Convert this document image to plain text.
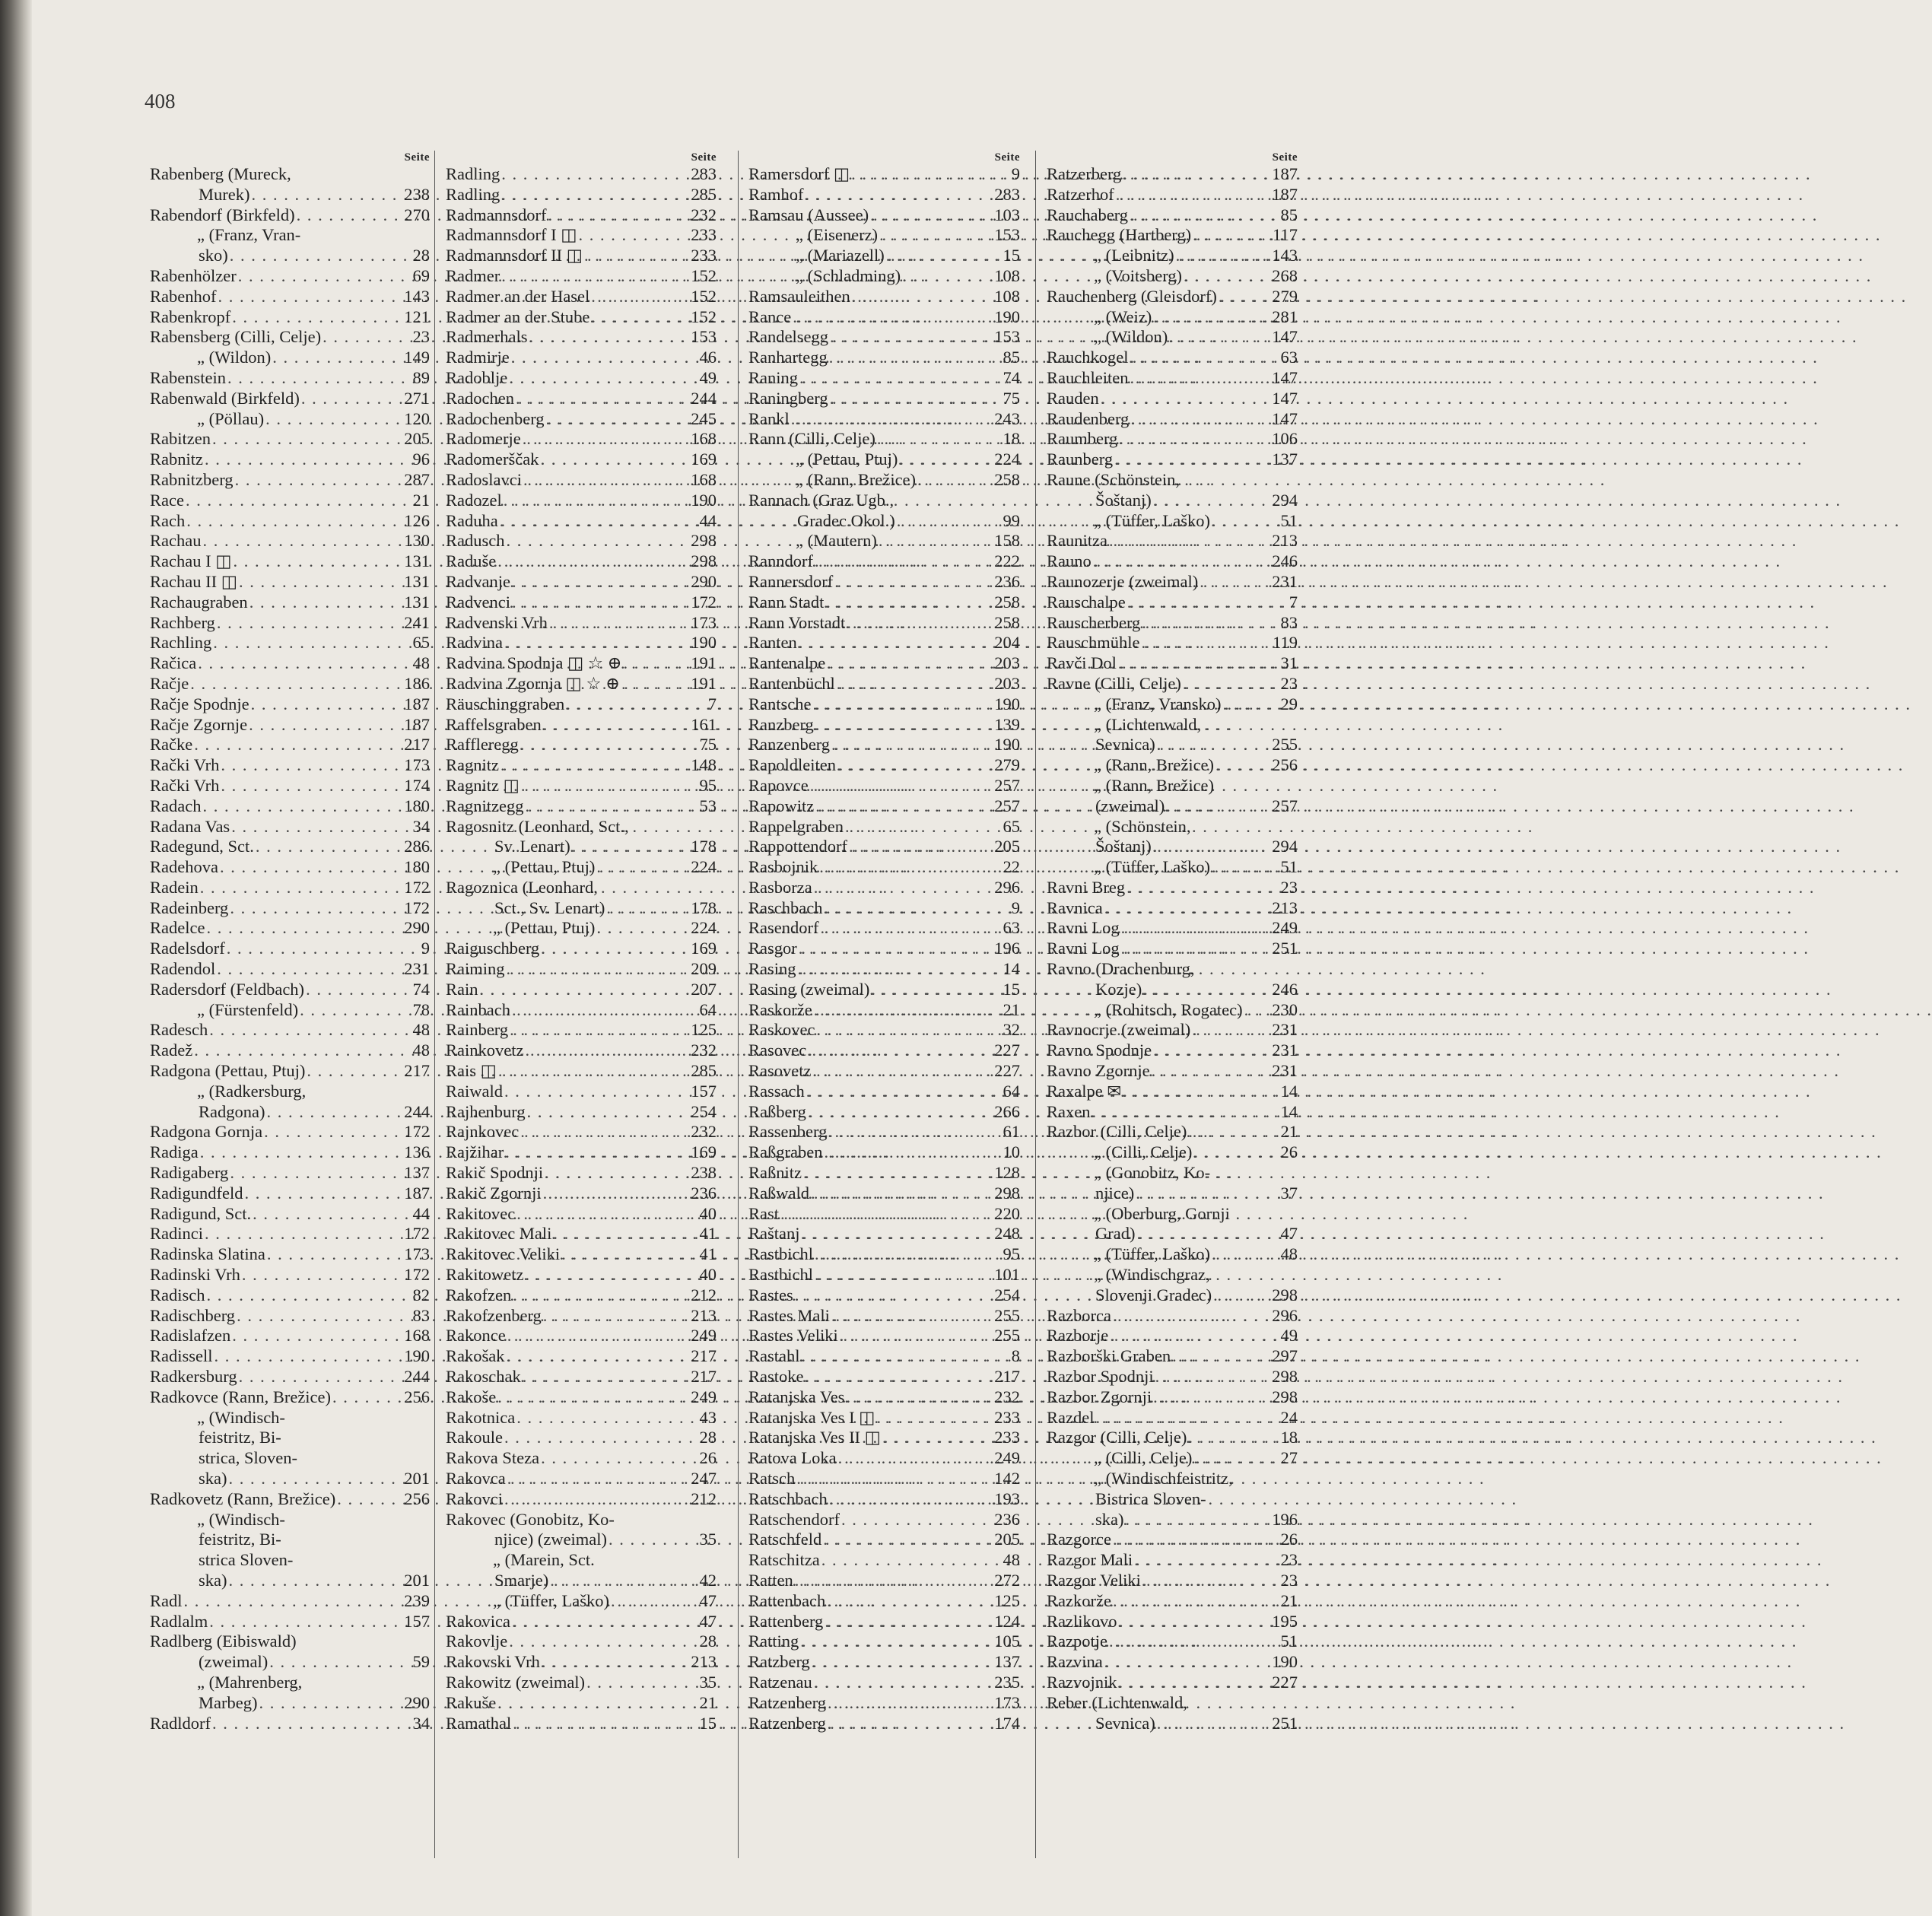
408
Seite
Rabenberg (Mureck,
Murek) . . .	238
Rabendorf (Birkfeld) . . .	270
„ (Franz, Vran-
sko) . . .	28
Rabenhölzer . . .	69
Rabenhof . . .	143
Rabenkropf . . .	121
Rabensberg (Cilli, Celje) . . .	23
„ (Wildon) . . .	149
Rabenstein . . .	89
Rabenwald (Birkfeld) . . .	271
„ (Pöllau) . . .	120
Rabitzen . . .	205
Rabnitz . . .	96
Rabnitzberg . . .	287
Race . . .	21
Rach . . .	126
Rachau . . .	130
Rachau I ◫ . . .	131
Rachau II ◫ . . .	131
Rachaugraben . . .	131
Rachberg . . .	241
Rachling . . .	65
Račica . . .	48
Račje . . .	186
Račje Spodnje . . .	187
Račje Zgornje . . .	187
Račke . . .	217
Rački Vrh . . .	173
Rački Vrh . . .	174
Radach . . .	180
Radana Vas . . .	34
Radegund, Sct. . . .	286
Radehova . . .	180
Radein . . .	172
Radeinberg . . .	172
Radelce . . .	290
Radelsdorf . . .	9
Radendol . . .	231
Radersdorf (Feldbach) . . .	74
„ (Fürstenfeld) . . .	78
Radesch . . .	48
Radež . . .	48
Radgona (Pettau, Ptuj) . . .	217
„ (Radkersburg,
Radgona) . . .	244
Radgona Gornja . . .	172
Radiga . . .	136
Radigaberg . . .	137
Radigundfeld . . .	187
Radigund, Sct. . . .	44
Radinci . . .	172
Radinska Slatina . . .	173
Radinski Vrh . . .	172
Radisch . . .	82
Radischberg . . .	83
Radislafzen . . .	168
Radissell . . .	190
Radkersburg . . .	244
Radkovce (Rann, Brežice) . . .	256
„ (Windisch-
feistritz, Bi-
strica, Sloven-
ska) . . .	201
Radkovetz (Rann, Brežice) . . .	256
„ (Windisch-
feistritz, Bi-
strica Sloven-
ska) . . .	201
Radl . . .	239
Radlalm . . .	157
Radlberg (Eibiswald)
(zweimal) . . .	59
„ (Mahrenberg,
Marbeg) . . .	290
Radldorf . . .	34
Seite
Radling . . .	283
Radling . . .	285
Radmannsdorf . . .	232
Radmannsdorf I ◫ . . .	233
Radmannsdorf II ◫ . . .	233
Radmer . . .	152
Radmer an der Hasel . . .	152
Radmer an der Stube . . .	152
Radmerhals . . .	153
Radmirje . . .	46
Radoblje . . .	49
Radochen . . .	244
Radochenberg . . .	245
Radomerje . . .	168
Radomerščak . . .	169
Radoslavci . . .	168
Radozel . . .	190
Raduha . . .	44
Radusch . . .	298
Raduše . . .	298
Radvanje . . .	290
Radvenci . . .	172
Radvenski Vrh . . .	173
Radvina . . .	190
Radvina Spodnja ◫ ☆ ⊕ . . .	191
Radvina Zgornja ◫ ☆ ⊕ . . .	191
Räuschinggraben . . .	7
Raffelsgraben . . .	161
Raffleregg . . .	75
Ragnitz . . .	148
Ragnitz ◫ . . .	95
Ragnitzegg . . .	53
Ragosnitz (Leonhard, Sct.,
Sv. Lenart) . . .	178
„ (Pettau, Ptuj) . . .	224
Ragoznica (Leonhard,
Sct., Sv. Lenart) . . .	178
„ (Pettau, Ptuj) . . .	224
Raiguschberg . . .	169
Raiming . . .	209
Rain . . .	207
Rainbach . . .	64
Rainberg . . .	125
Rainkovetz . . .	232
Rais ◫ . . .	285
Raiwald . . .	157
Rajhenburg . . .	254
Rajnkovec . . .	232
Rajžihar . . .	169
Rakič Spodnji . . .	238
Rakič Zgornji . . .	236
Rakitovec . . .	40
Rakitovec Mali . . .	41
Rakitovec Veliki . . .	41
Rakitowetz . . .	40
Rakofzen . . .	212
Rakofzenberg . . .	213
Rakonce . . .	249
Rakošak . . .	217
Rakoschak . . .	217
Rakoše . . .	249
Rakotnica . . .	43
Rakoule . . .	28
Rakova Steza . . .	26
Rakovca . . .	247
Rakovci . . .	212
Rakovec (Gonobitz, Ko-
njice) (zweimal) . . .	35
„ (Marein, Sct.
Smarje) . . .	42
„ (Tüffer, Laško) . . .	47
Rakovica . . .	47
Rakovlje . . .	28
Rakovski Vrh . . .	213
Rakowitz (zweimal) . . .	35
Rakuše . . .	21
Ramathal . . .	15
Seite
Ramersdorf ◫ . . .	9
Ramhof . . .	283
Ramsau (Aussee) . . .	103
„ (Eisenerz) . . .	153
„ (Mariazell) . . .	15
„ (Schladming) . . .	108
Ramsauleithen . . .	108
Rance . . .	190
Randelsegg . . .	153
Ranhartegg . . .	85
Raning . . .	74
Raningberg . . .	75
Rankl . . .	243
Rann (Cilli, Celje) . . .	18
„ (Pettau, Ptuj) . . .	224
„ (Rann, Brežice) . . .	258
Rannach (Graz Ugb.,
Gradec Okol.) . . .	99
„ (Mautern) . . .	158
Ranndorf . . .	222
Rannersdorf . . .	236
Rann Stadt . . .	258
Rann Vorstadt . . .	258
Ranten . . .	204
Rantenalpe . . .	203
Rantenbüchl . . .	203
Rantsche . . .	190
Ranzberg . . .	139
Ranzenberg . . .	190
Rapoldleiten . . .	279
Rapovce . . .	257
Rapowitz . . .	257
Rappelgraben . . .	65
Rappottendorf . . .	205
Rasbojnik . . .	22
Rasborza . . .	296
Raschbach . . .	9
Rasendorf . . .	63
Rasgor . . .	196
Rasing . . .	14
Rasing (zweimal) . . .	15
Raskorže . . .	21
Raskovec . . .	32
Rasovec . . .	227
Rasovetz . . .	227
Rassach . . .	64
Raßberg . . .	266
Rassenberg . . .	61
Raßgraben . . .	10
Raßnitz . . .	128
Raßwald . . .	298
Rast . . .	220
Raštanj . . .	248
Rastbichl . . .	95
Rastbichl . . .	101
Rastes . . .	254
Rastes Mali . . .	255
Rastes Veliki . . .	255
Rastahl . . .	8
Rastoke . . .	217
Ratanjska Ves . . .	232
Ratanjska Ves I ◫ . . .	233
Ratanjska Ves II ◫ . . .	233
Ratova Loka . . .	249
Ratsch . . .	142
Ratschbach . . .	193
Ratschendorf . . .	236
Ratschfeld . . .	205
Ratschitza . . .	48
Ratten . . .	272
Rattenbach . . .	125
Rattenberg . . .	124
Ratting . . .	105
Ratzberg . . .	137
Ratzenau . . .	235
Ratzenberg . . .	173
Ratzenberg . . .	174
Seite
Ratzerberg . . .	187
Ratzerhof . . .	187
Rauchaberg . . .	85
Rauchegg (Hartberg) . . .	117
„ (Leibnitz) . . .	143
„ (Voitsberg) . . .	268
Rauchenberg (Gleisdorf) . . .	279
„ (Weiz) . . .	281
„ (Wildon) . . .	147
Rauchkogel . . .	63
Rauchleiten . . .	147
Rauden . . .	147
Raudenberg . . .	147
Raumberg . . .	106
Raunberg . . .	137
Raune (Schönstein,
Šoštanj) . . .	294
„ (Tüffer, Laško) . . .	51
Raunitza . . .	213
Rauno . . .	246
Raunozerje (zweimal) . . .	231
Rauschalpe . . .	7
Rauscherberg . . .	83
Rauschmühle . . .	119
Ravči Dol . . .	31
Ravne (Cilli, Celje) . . .	23
„ (Franz, Vransko) . . .	29
„ (Lichtenwald,
Sevnica) . . .	255
„ (Rann, Brežice) . . .	256
„ (Rann, Brežice)
(zweimal) . . .	257
„ (Schönstein,
Šoštanj) . . .	294
„ (Tüffer, Laško) . . .	51
Ravni Breg . . .	23
Ravnica . . .	213
Ravni Log . . .	249
Ravni Log . . .	251
Ravno (Drachenburg,
Kozje) . . .	246
„ (Rohitsch, Rogatec) . . . 230
Ravnocrje (zweimal) . . .	231
Ravno Spodnje . . .	231
Ravno Zgornje . . .	231
Raxalpe ✉ . . .	14
Raxen . . .	14
Razbor (Cilli, Celje) . . .	21
„ (Cilli, Celje) . . .	26
„ (Gonobitz, Ko-
njice) . . .	37
„ (Oberburg, Gornji
Grad) . . .	47
„ (Tüffer, Laško) . . .	48
„ (Windischgraz,
Slovenji Gradec) . . .	298
Razborca . . .	296
Razborje . . .	49
Razborški Graben . . .	297
Razbor Spodnji . . .	298
Razbor Zgornji . . .	298
Razdel . . .	24
Razgor (Cilli, Celje) . . .	18
„ (Cilli, Celje) . . .	27
„ (Windischfeistritz,
Bistrica Sloven-
ska) . . .	196
Razgorce . . .	26
Razgor Mali . . .	23
Razgor Veliki . . .	23
Razkorže . . .	21
Razlikovo . . .	195
Razpotje . . .	51
Razvina . . .	190
Razvojnik . . .	227
Reber (Lichtenwald,
Sevnica) . . .	251
